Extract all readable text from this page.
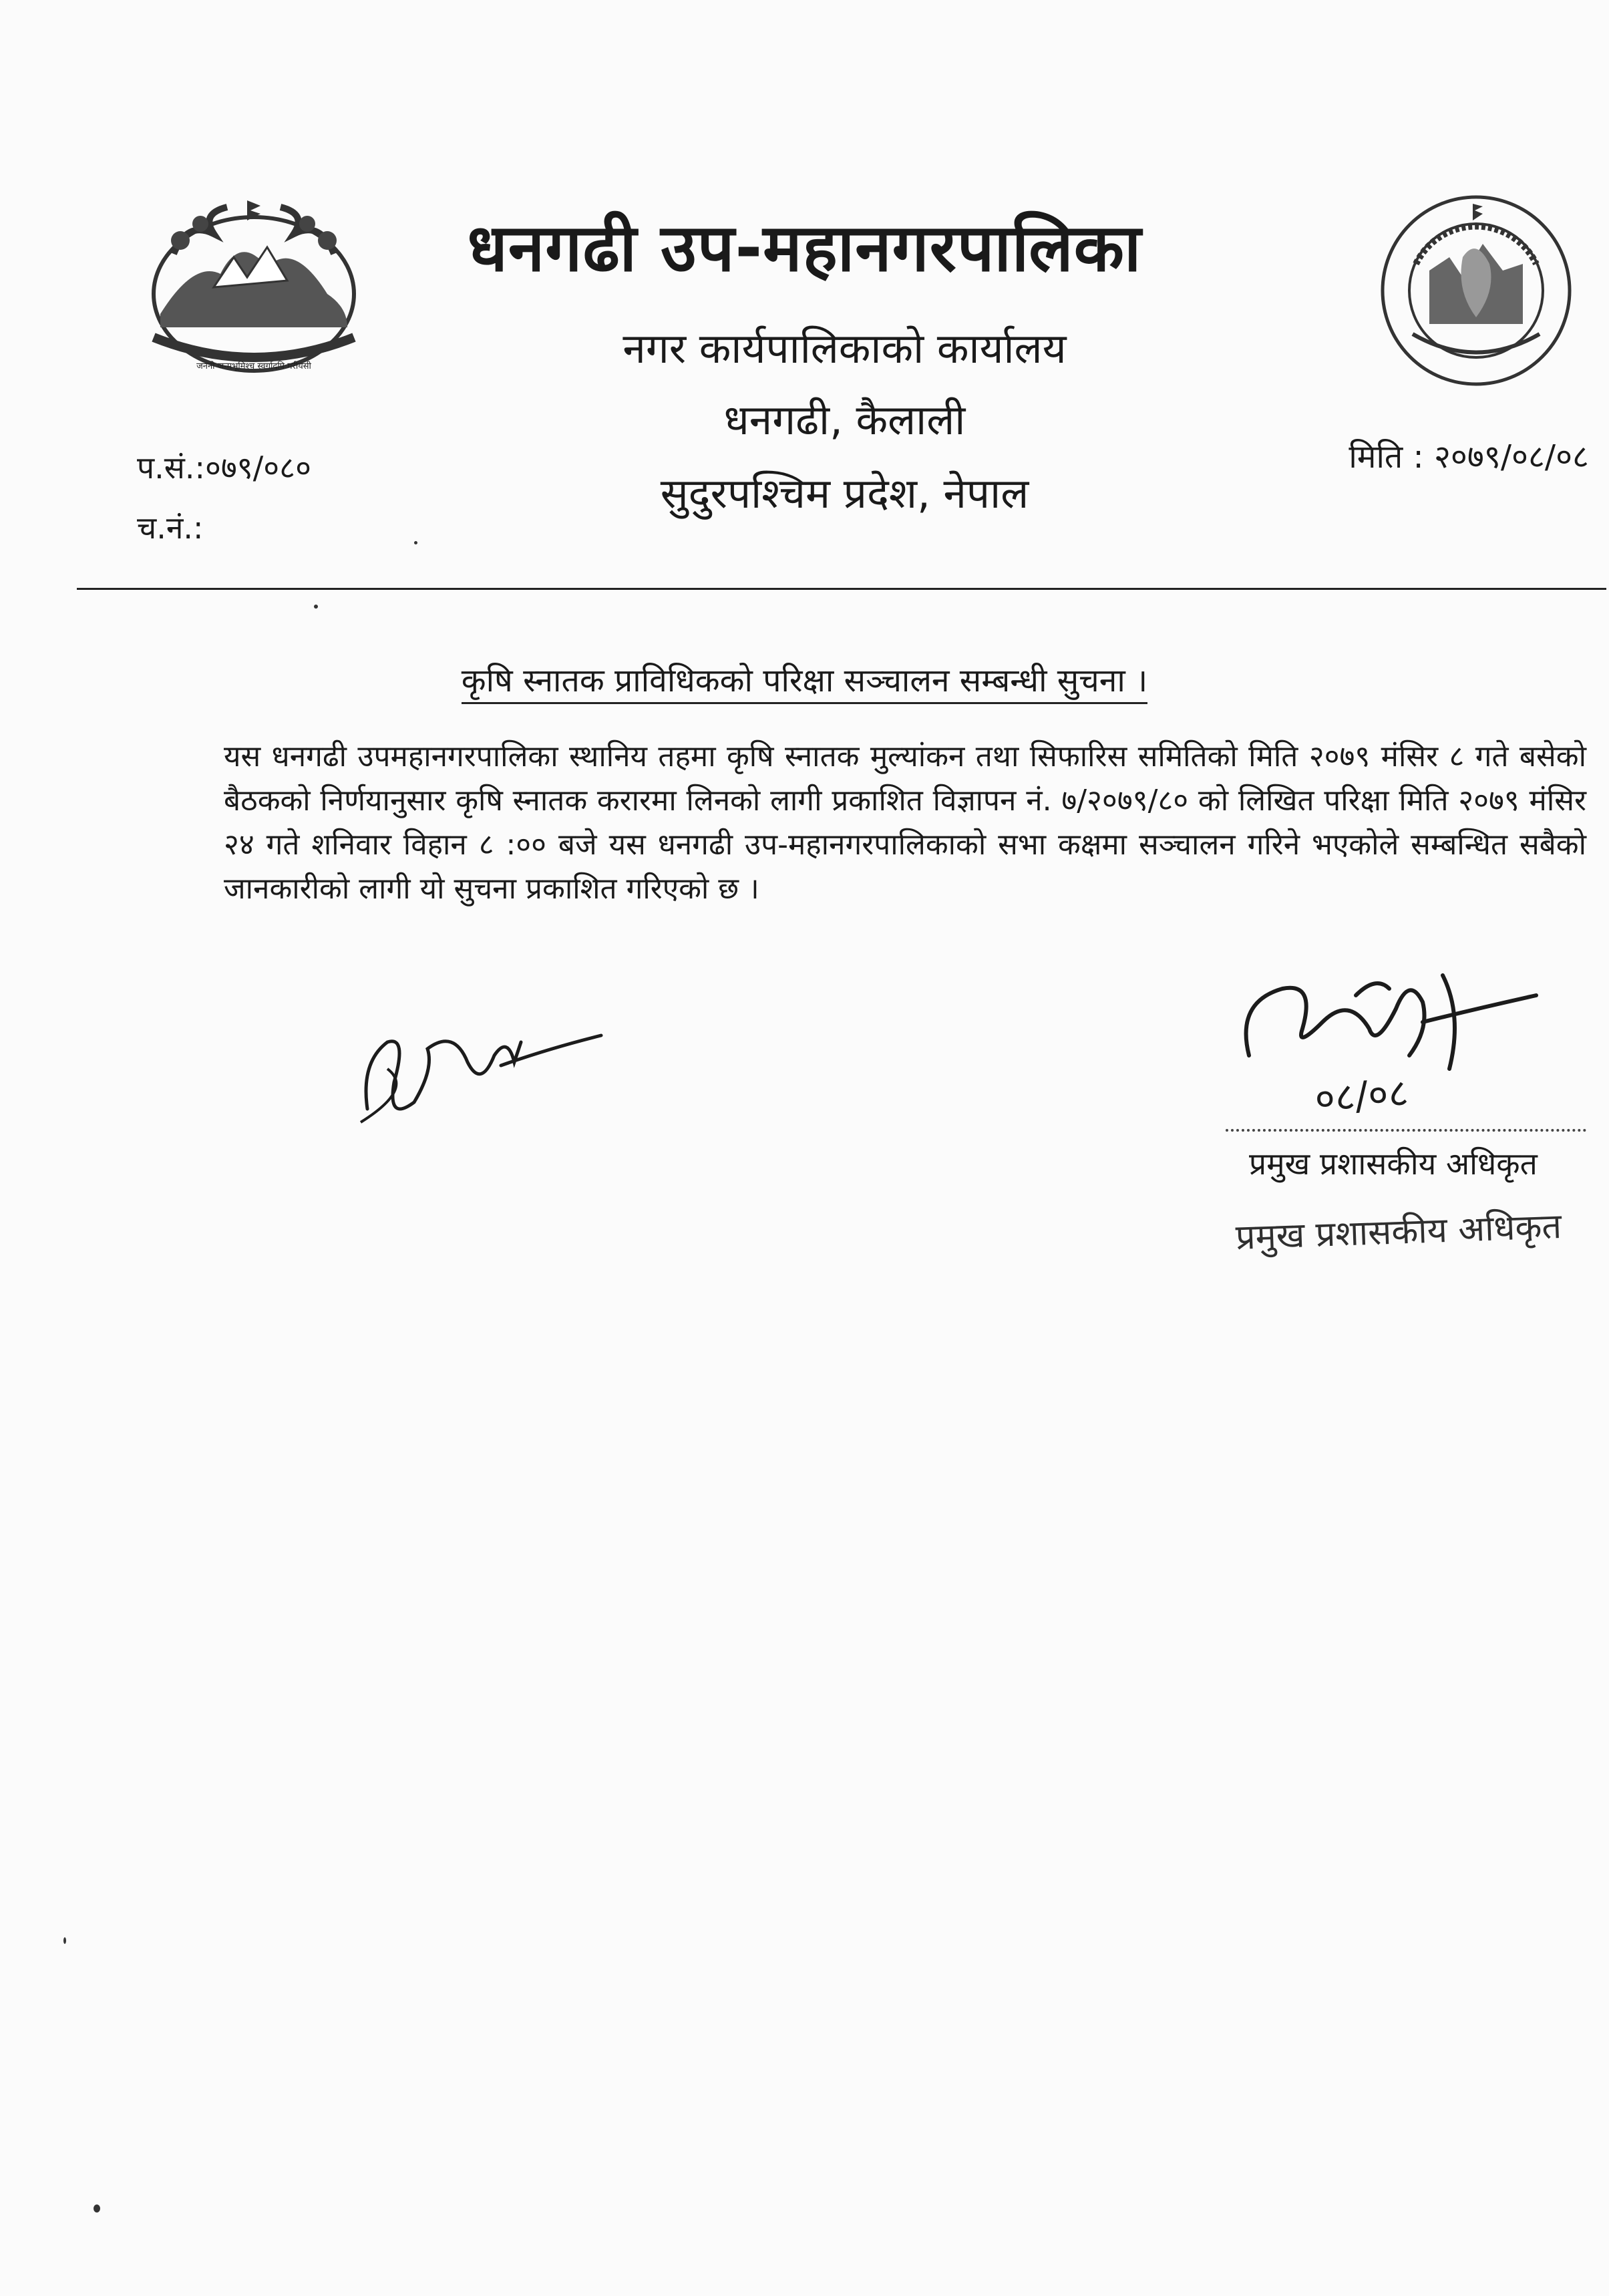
जननी जन्मभूमिश्च स्वर्गादपि गरीयसी
धनगढी उप-महानगरपालिका
नगर कार्यपालिकाको कार्यालय
धनगढी, कैलाली
सुदुरपश्चिम प्रदेश, नेपाल
प.सं.:०७९/०८०
च.नं.:
मिति : २०७९/०८/०८
कृषि स्नातक प्राविधिकको परिक्षा सञ्चालन सम्बन्धी सुचना ।
यस धनगढी उपमहानगरपालिका स्थानिय तहमा कृषि स्नातक मुल्यांकन तथा सिफारिस समितिको मिति २०७९ मंसिर ८ गते बसेको बैठकको निर्णयानुसार कृषि स्नातक करारमा लिनको लागी प्रकाशित विज्ञापन नं. ७/२०७९/८० को लिखित परिक्षा मिति २०७९ मंसिर २४ गते शनिवार विहान ८ :०० बजे यस धनगढी उप-महानगरपालिकाको सभा कक्षमा सञ्चालन गरिने भएकोले सम्बन्धित सबैको जानकारीको लागी यो सुचना प्रकाशित गरिएको छ ।
०८/०८
प्रमुख प्रशासकीय अधिकृत
प्रमुख प्रशासकीय अधिकृत
